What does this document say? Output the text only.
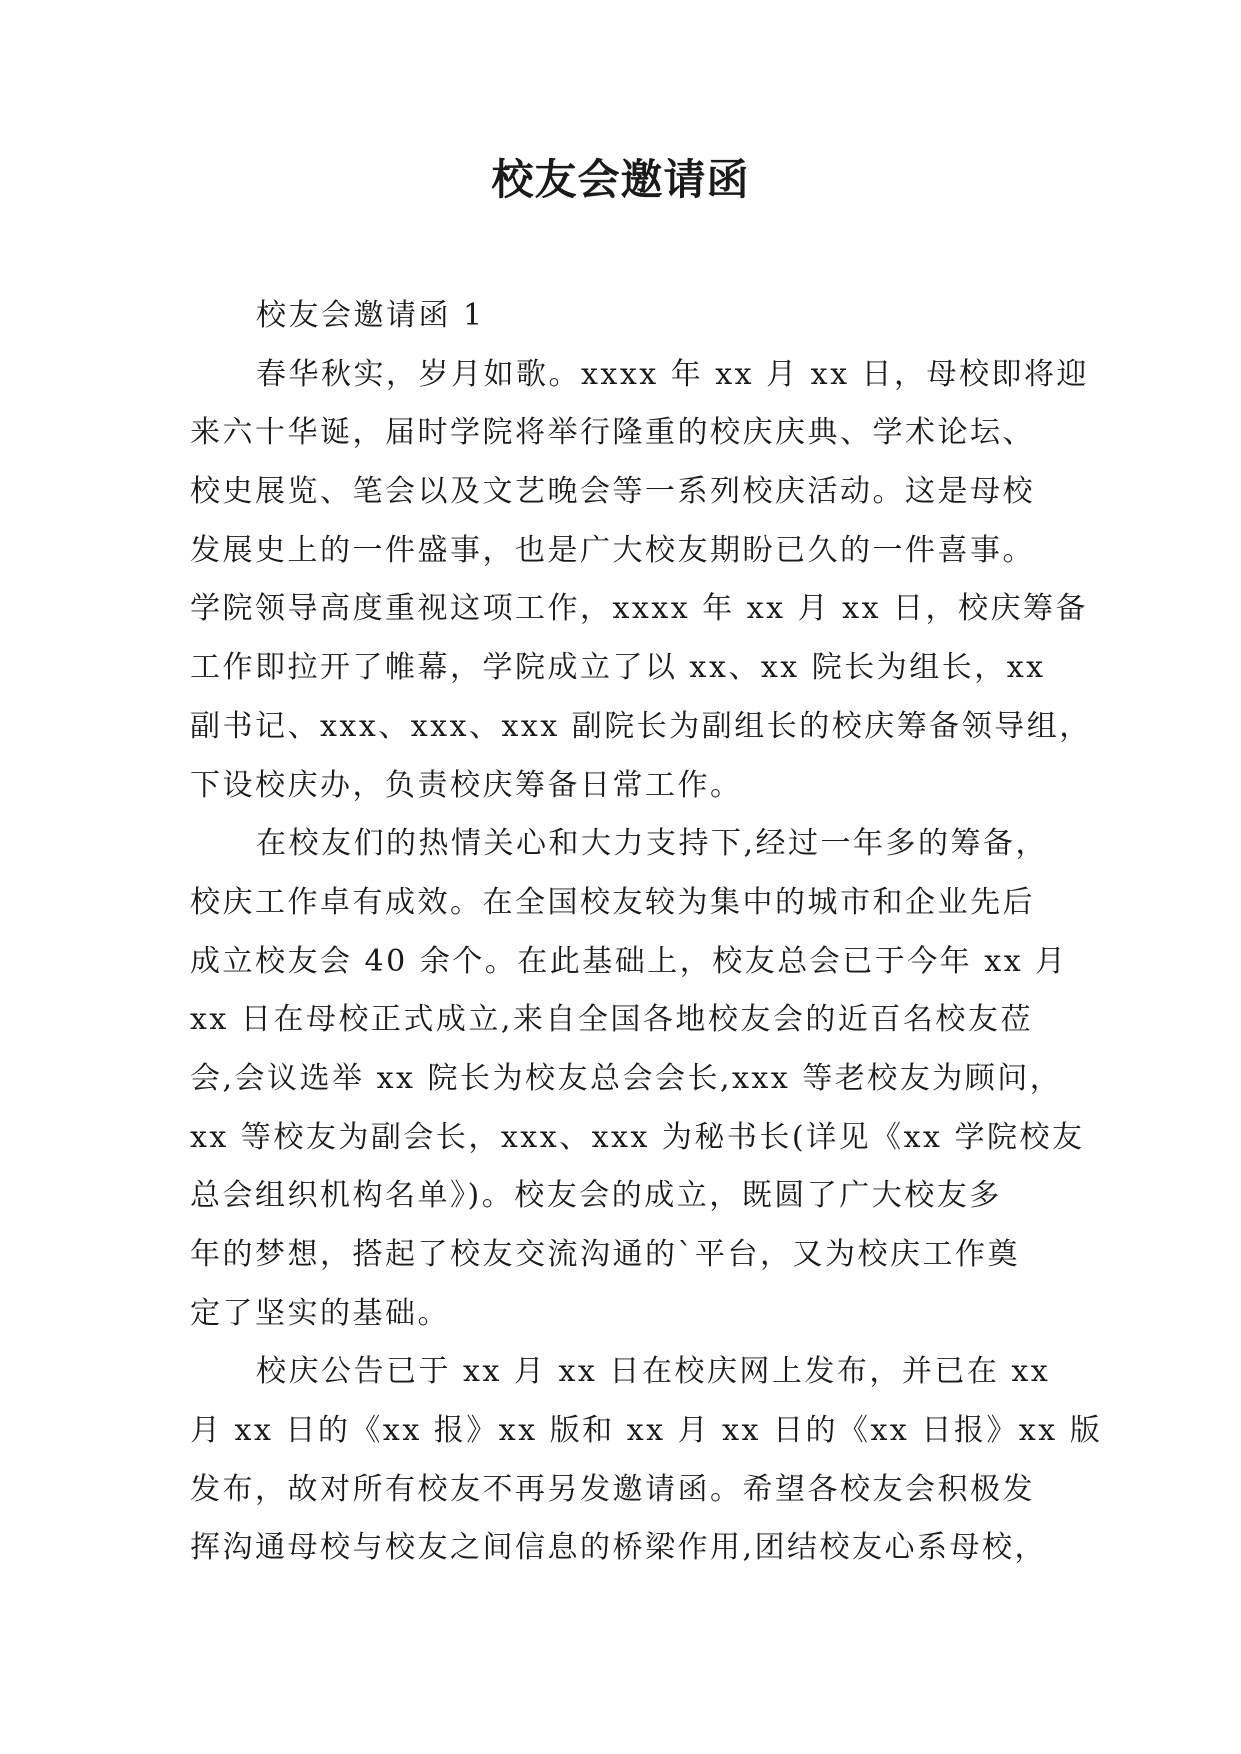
校友会邀请函
校友会邀请函 1
春华秋实，岁月如歌。xxxx 年 xx 月 xx 日，母校即将迎
来六十华诞，届时学院将举行隆重的校庆庆典、学术论坛、
校史展览、笔会以及文艺晚会等一系列校庆活动。这是母校
发展史上的一件盛事，也是广大校友期盼已久的一件喜事。
学院领导高度重视这项工作，xxxx 年 xx 月 xx 日，校庆筹备
工作即拉开了帷幕，学院成立了以 xx、xx 院长为组长，xx
副书记、xxx、xxx、xxx 副院长为副组长的校庆筹备领导组，
下设校庆办，负责校庆筹备日常工作。
在校友们的热情关心和大力支持下,经过一年多的筹备，
校庆工作卓有成效。在全国校友较为集中的城市和企业先后
成立校友会 40 余个。在此基础上，校友总会已于今年 xx 月
xx 日在母校正式成立,来自全国各地校友会的近百名校友莅
会,会议选举 xx 院长为校友总会会长,xxx 等老校友为顾问，
xx 等校友为副会长，xxx、xxx 为秘书长(详见《xx 学院校友
总会组织机构名单》)。校友会的成立，既圆了广大校友多
年的梦想，搭起了校友交流沟通的`平台，又为校庆工作奠
定了坚实的基础。
校庆公告已于 xx 月 xx 日在校庆网上发布，并已在 xx
月 xx 日的《xx 报》xx 版和 xx 月 xx 日的《xx 日报》xx 版
发布，故对所有校友不再另发邀请函。希望各校友会积极发
挥沟通母校与校友之间信息的桥梁作用,团结校友心系母校，
